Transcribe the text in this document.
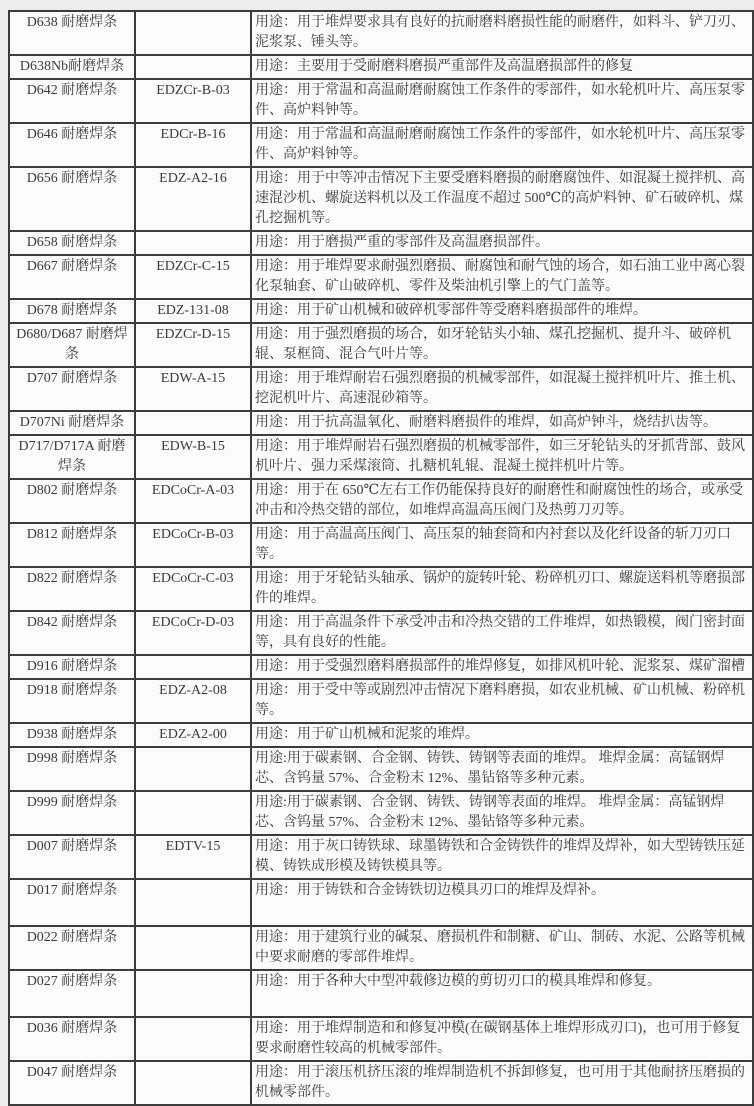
D638 耐磨焊条		用途：用于堆焊要求具有良好的抗耐磨料磨损性能的耐磨件，如料斗、铲刀刃、泥浆泵、锤头等。
D638Nb耐磨焊条		用途：主要用于受耐磨料磨损严重部件及高温磨损部件的修复
D642 耐磨焊条	EDZCr-B-03	用途：用于常温和高温耐磨耐腐蚀工作条件的零部件，如水轮机叶片、高压泵零件、高炉料钟等。
D646 耐磨焊条	EDCr-B-16	用途：用于常温和高温耐磨耐腐蚀工作条件的零部件，如水轮机叶片、高压泵零件、高炉料钟等。
D656 耐磨焊条	EDZ-A2-16	用途：用于中等冲击情况下主要受磨料磨损的耐磨腐蚀件、如混凝土搅拌机、高速混沙机、螺旋送料机以及工作温度不超过 500℃的高炉料钟、矿石破碎机、煤孔挖掘机等。
D658 耐磨焊条		用途：用于磨损严重的零部件及高温磨损部件。
D667 耐磨焊条	EDZCr-C-15	用途：用于堆焊要求耐强烈磨损、耐腐蚀和耐气蚀的场合，如石油工业中离心裂化泵轴套、矿山破碎机、零件及柴油机引擎上的气门盖等。
D678 耐磨焊条	EDZ-131-08	用途：用于矿山机械和破碎机零部件等受磨料磨损部件的堆焊。
D680/D687 耐磨焊条	EDZCr-D-15	用途：用于强烈磨损的场合，如牙轮钻头小轴、煤孔挖掘机、提升斗、破碎机辊、泵框筒、混合气叶片等。
D707 耐磨焊条	EDW-A-15	用途：用于堆焊耐岩石强烈磨损的机械零部件，如混凝土搅拌机叶片、推土机、挖泥机叶片、高速混砂箱等。
D707Ni 耐磨焊条		用途：用于抗高温氧化、耐磨料磨损件的堆焊，如高炉钟斗，烧结扒齿等。
D717/D717A 耐磨焊条	EDW-B-15	用途：用于堆焊耐岩石强烈磨损的机械零部件，如三牙轮钻头的牙抓背部、鼓风机叶片、强力采煤滚筒、扎糖机轧辊、混凝土搅拌机叶片等。
D802 耐磨焊条	EDCoCr-A-03	用途：用于在 650℃左右工作仍能保持良好的耐磨性和耐腐蚀性的场合，或承受冲击和冷热交错的部位，如堆焊高温高压阀门及热剪刀刃等。
D812 耐磨焊条	EDCoCr-B-03	用途：用于高温高压阀门、高压泵的轴套筒和内衬套以及化纤设备的斩刀刃口等。
D822 耐磨焊条	EDCoCr-C-03	用途：用于牙轮钻头轴承、锅炉的旋转叶轮、粉碎机刃口、螺旋送料机等磨损部件的堆焊。
D842 耐磨焊条	EDCoCr-D-03	用途：用于高温条件下承受冲击和冷热交错的工件堆焊，如热锻模，阀门密封面等，具有良好的性能。
D916 耐磨焊条		用途：用于受强烈磨料磨损部件的堆焊修复，如排风机叶轮、泥浆泵、煤矿溜槽
D918 耐磨焊条	EDZ-A2-08	用途：用于受中等或剧烈冲击情况下磨料磨损，如农业机械、矿山机械、粉碎机等。
D938 耐磨焊条	EDZ-A2-00	用途：用于矿山机械和泥浆的堆焊。
D998 耐磨焊条		用途:用于碳素钢、合金钢、铸铁、铸钢等表面的堆焊。 堆焊金属：高锰钢焊芯、含钨量 57%、合金粉末 12%、墨钻铬等多种元素。
D999 耐磨焊条		用途:用于碳素钢、合金钢、铸铁、铸钢等表面的堆焊。 堆焊金属：高锰钢焊芯、含钨量 57%、合金粉末 12%、墨钻铬等多种元素。
D007 耐磨焊条	EDTV-15	用途：用于灰口铸铁球、球墨铸铁和合金铸铁件的堆焊及焊补，如大型铸铁压延模、铸铁成形模及铸铁模具等。
D017 耐磨焊条		用途：用于铸铁和合金铸铁切边模具刃口的堆焊及焊补。
D022 耐磨焊条		用途：用于建筑行业的碱泵、磨损机件和制糖、矿山、制砖、水泥、公路等机械中要求耐磨的零部件堆焊。
D027 耐磨焊条		用途：用于各种大中型冲载修边模的剪切刃口的模具堆焊和修复。
D036 耐磨焊条		用途：用于堆焊制造和和修复冲模(在碳钢基体上堆焊形成刃口)，也可用于修复要求耐磨性较高的机械零部件。
D047 耐磨焊条		用途：用于滚压机挤压滚的堆焊制造机不拆卸修复，也可用于其他耐挤压磨损的机械零部件。
